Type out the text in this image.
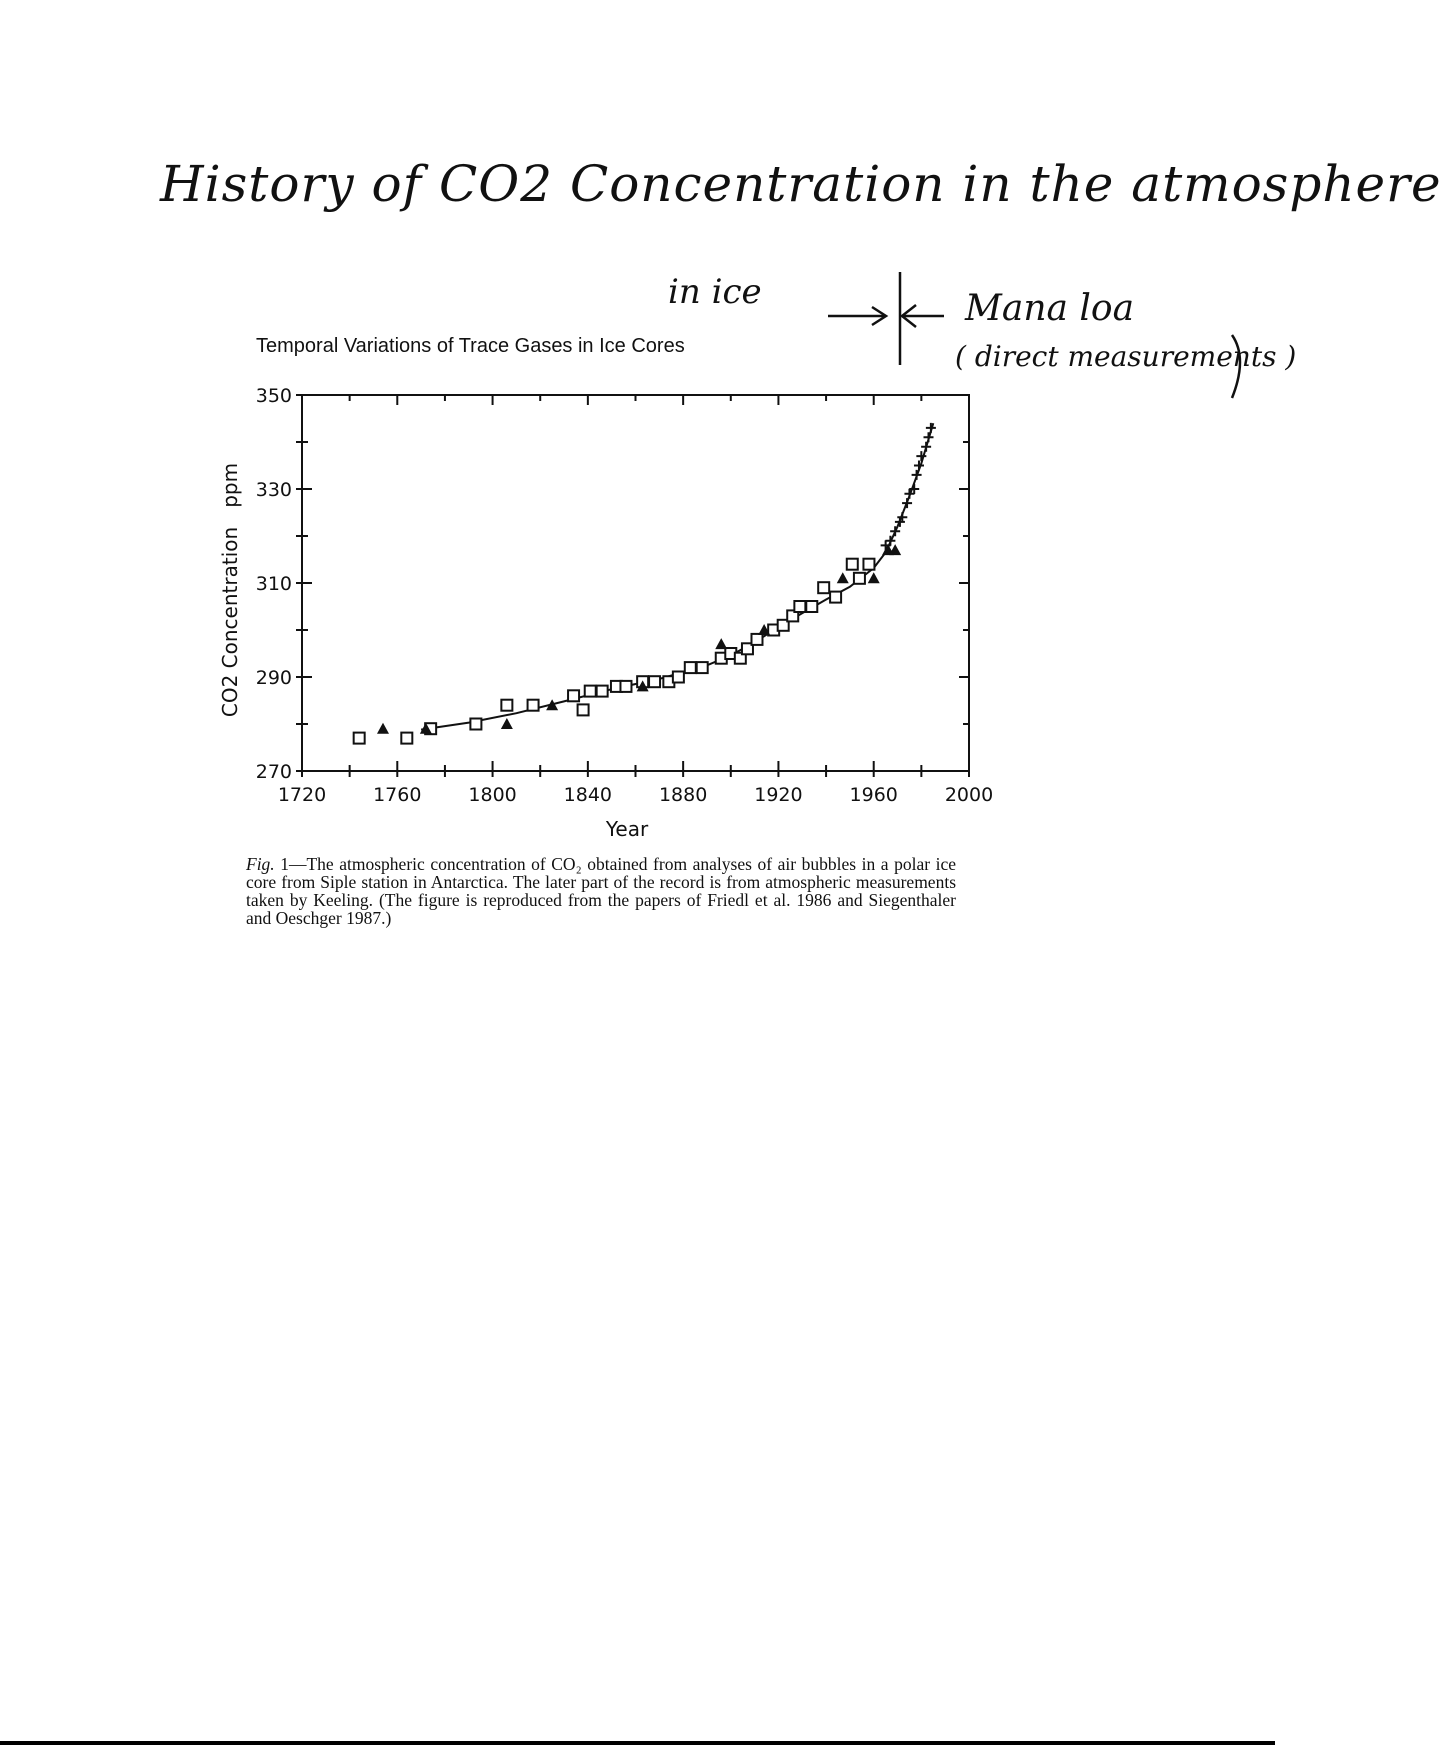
History of CO2 Concentration in the atmosphere
in ice	Mana loa
( direct measurements )
Temporal Variations of Trace Gases in Ice Cores
1720 1760 1800 1840 1880 1920 1960 2000
270
290
310
330
350
Year
CO2 Concentration   ppm
Fig. 1—The atmospheric concentration of CO₂ obtained from analyses of air bubbles in a polar ice core from Siple station in Antarctica. The later part of the record is from atmospheric measurements taken by Keeling. (The figure is reproduced from the papers of Friedl et al. 1986 and Siegenthaler and Oeschger 1987.)
